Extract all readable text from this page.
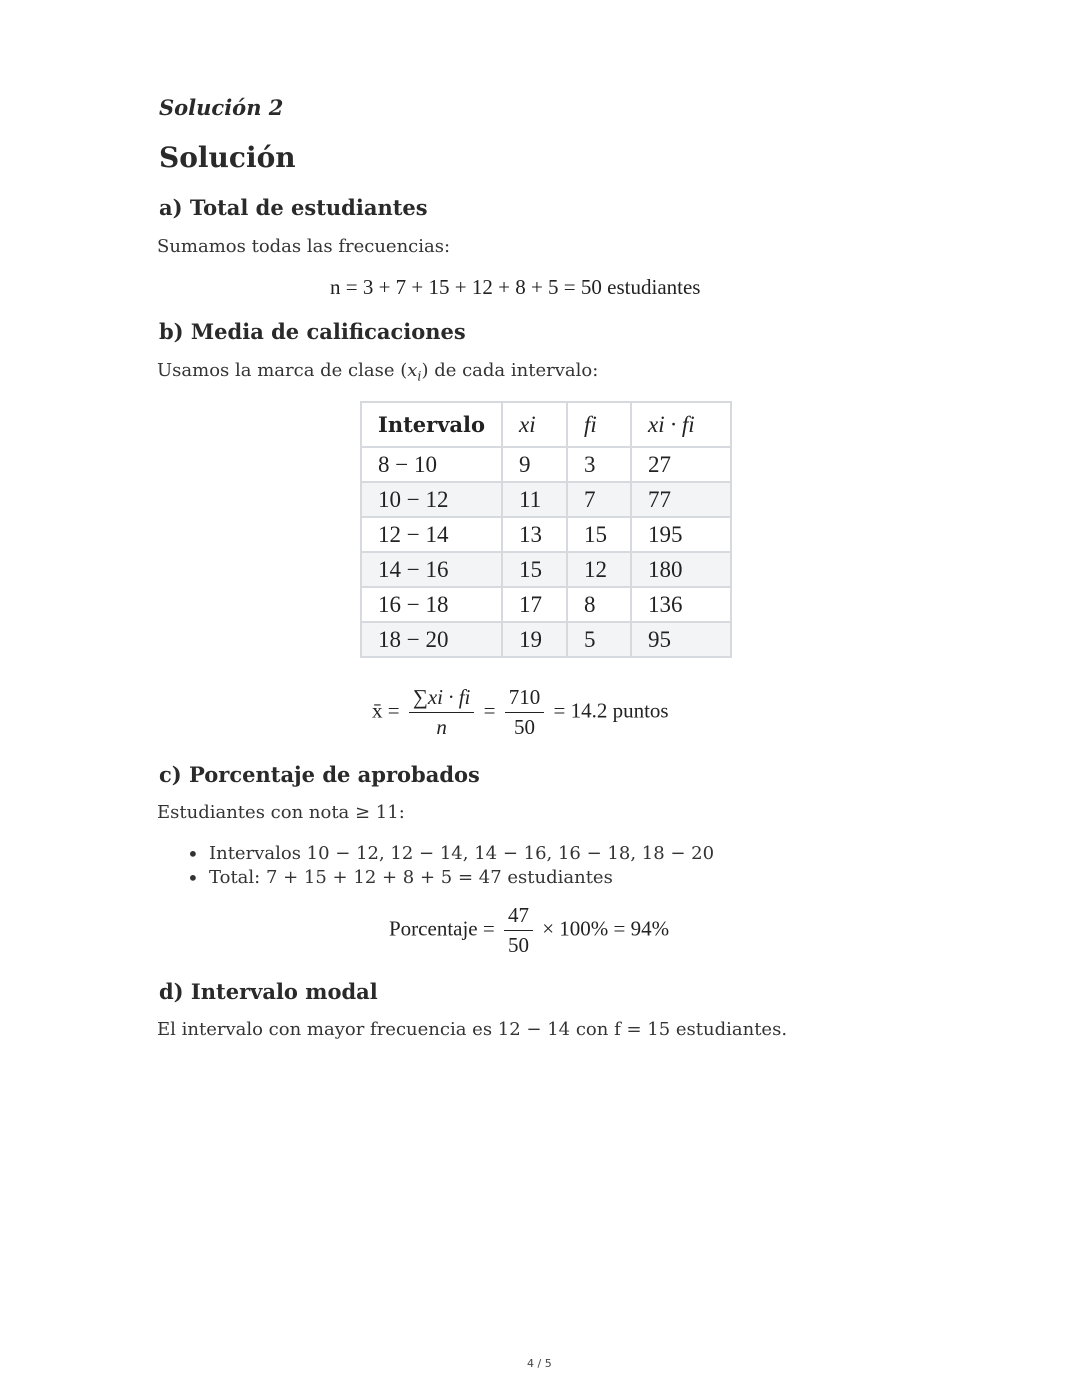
Solución 2
Solución
a) Total de estudiantes
Sumamos todas las frecuencias:
n = 3 + 7 + 15 + 12 + 8 + 5 = 50 estudiantes
b) Media de calificaciones
Usamos la marca de clase $(x_i)$ de cada intervalo:
Intervalo	xi	fi	xi · fi
8 − 10	9	3	27
10 − 12	11	7	77
12 − 14	13	15	195
14 − 16	15	12	180
16 − 18	17	8	136
18 − 20	19	5	95
x̄ = $\frac{\sum xi \cdot fi}{n} = \frac{710}{50} = 14.2$ puntos
c) Porcentaje de aprobados
Estudiantes con nota ≥ 11:
• Intervalos 10 − 12, 12 − 14, 14 − 16, 16 − 18, 18 − 20
• Total: 7 + 15 + 12 + 8 + 5 = 47 estudiantes
Porcentaje = $\frac{47}{50} \times 100\% = 94\%$
d) Intervalo modal
El intervalo con mayor frecuencia es 12 − 14 con f = 15 estudiantes.
4 / 5
